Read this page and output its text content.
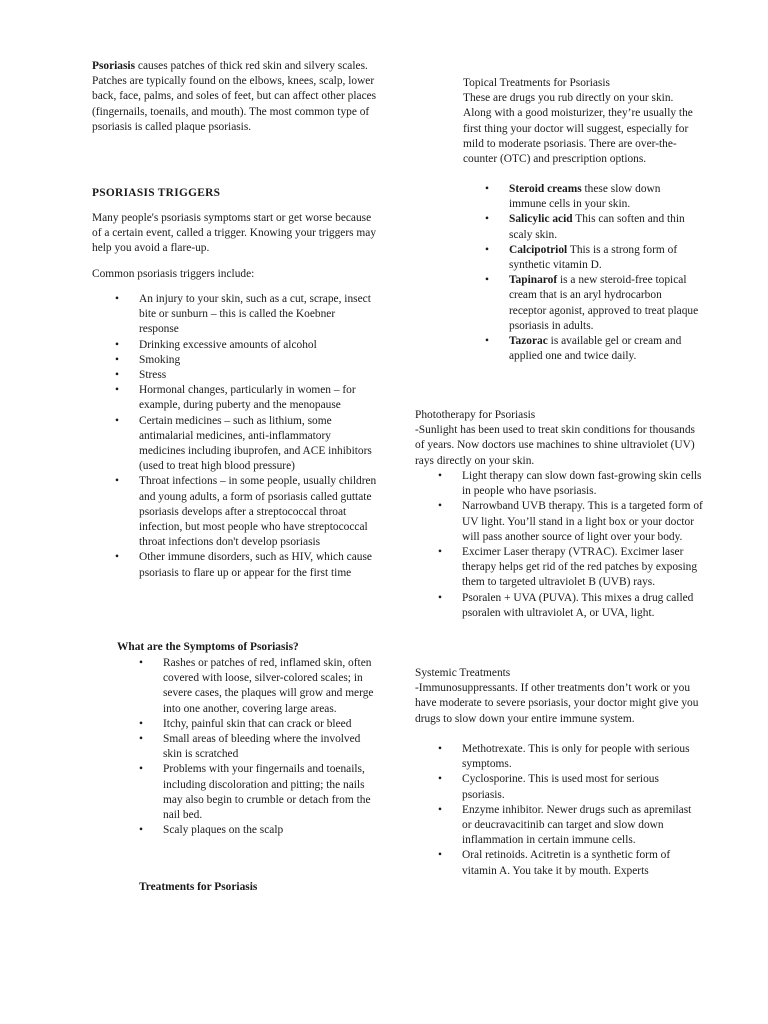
Psoriasis causes patches of thick red skin and silvery scales. Patches are typically found on the elbows, knees, scalp, lower back, face, palms, and soles of feet, but can affect other places (fingernails, toenails, and mouth). The most common type of psoriasis is called plaque psoriasis.

PSORIASIS TRIGGERS

Many people's psoriasis symptoms start or get worse because of a certain event, called a trigger. Knowing your triggers may help you avoid a flare-up.

Common psoriasis triggers include:

•	An injury to your skin, such as a cut, scrape, insect bite or sunburn – this is called the Koebner response
•	Drinking excessive amounts of alcohol
•	Smoking
•	Stress
•	Hormonal changes, particularly in women – for example, during puberty and the menopause
•	Certain medicines – such as lithium, some antimalarial medicines, anti-inflammatory medicines including ibuprofen, and ACE inhibitors (used to treat high blood pressure)
•	Throat infections – in some people, usually children and young adults, a form of psoriasis called guttate psoriasis develops after a streptococcal throat infection, but most people who have streptococcal throat infections don't develop psoriasis
•	Other immune disorders, such as HIV, which cause psoriasis to flare up or appear for the first time
What are the Symptoms of Psoriasis?
•	Rashes or patches of red, inflamed skin, often covered with loose, silver-colored scales; in severe cases, the plaques will grow and merge into one another, covering large areas.
•	Itchy, painful skin that can crack or bleed
•	Small areas of bleeding where the involved skin is scratched
•	Problems with your fingernails and toenails, including discoloration and pitting; the nails may also begin to crumble or detach from the nail bed.
•	Scaly plaques on the scalp
Treatments for Psoriasis

Topical Treatments for Psoriasis

These are drugs you rub directly on your skin. Along with a good moisturizer, they’re usually the first thing your doctor will suggest, especially for mild to moderate psoriasis. There are over-the-counter (OTC) and prescription options.

•	Steroid creams these slow down immune cells in your skin.
•	Salicylic acid This can soften and thin scaly skin.
•	Calcipotriol This is a strong form of synthetic vitamin D.
•	Tapinarof is a new steroid-free topical cream that is an aryl hydrocarbon receptor agonist, approved to treat plaque psoriasis in adults.
•	Tazorac is available gel or cream and applied one and twice daily.

Phototherapy for Psoriasis

-Sunlight has been used to treat skin conditions for thousands of years. Now doctors use machines to shine ultraviolet (UV) rays directly on your skin.

•	Light therapy can slow down fast-growing skin cells in people who have psoriasis.
•	Narrowband UVB therapy. This is a targeted form of UV light. You’ll stand in a light box or your doctor will pass another source of light over your body.
•	Excimer Laser therapy (VTRAC). Excimer laser therapy helps get rid of the red patches by exposing them to targeted ultraviolet B (UVB) rays.
•	Psoralen + UVA (PUVA). This mixes a drug called psoralen with ultraviolet A, or UVA, light.

Systemic Treatments

-Immunosuppressants. If other treatments don’t work or you have moderate to severe psoriasis, your doctor might give you drugs to slow down your entire immune system.

•	Methotrexate. This is only for people with serious symptoms.
•	Cyclosporine. This is used most for serious psoriasis.
•	Enzyme inhibitor. Newer drugs such as apremilast or deucravacitinib can target and slow down inflammation in certain immune cells.
•	Oral retinoids. Acitretin is a synthetic form of vitamin A. You take it by mouth. Experts
